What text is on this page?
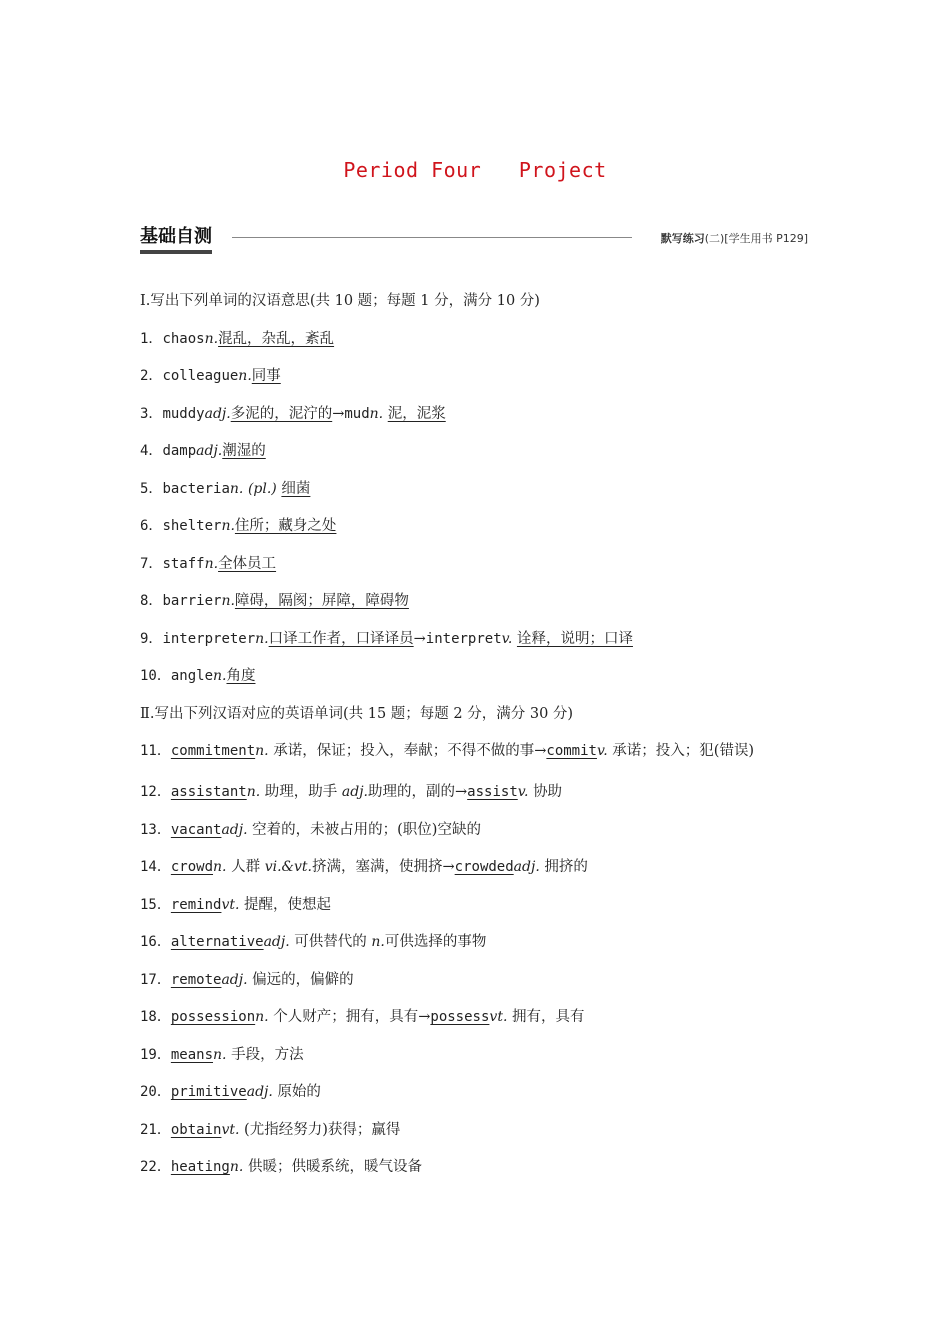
Period Four   Project
基础自测	默写练习(二)[学生用书 P129]
Ⅰ.写出下列单词的汉语意思(共 10 题；每题 1 分，满分 10 分)
1．chaosn.混乱，杂乱，紊乱
2．colleaguen.同事
3．muddyadj.多泥的，泥泞的→mudn. 泥，泥浆
4．dampadj.潮湿的
5．bacterian. (pl.) 细菌
6．sheltern.住所；藏身之处
7．staffn.全体员工
8．barriern.障碍，隔阂；屏障，障碍物
9．interpretern.口译工作者，口译译员→interpretv. 诠释，说明；口译
10．anglen.角度
Ⅱ.写出下列汉语对应的英语单词(共 15 题；每题 2 分，满分 30 分)
11．commitmentn. 承诺，保证；投入，奉献；不得不做的事→commitv. 承诺；投入；犯(错误)
12．assistantn. 助理，助手 adj.助理的，副的→assistv. 协助
13．vacantadj. 空着的，未被占用的；(职位)空缺的
14．crowdn. 人群 vi.&vt.挤满，塞满，使拥挤→crowdedadj. 拥挤的
15．remindvt. 提醒，使想起
16．alternativeadj. 可供替代的 n.可供选择的事物
17．remoteadj. 偏远的，偏僻的
18．possessionn. 个人财产；拥有，具有→possessvt. 拥有，具有
19．meansn. 手段，方法
20．primitiveadj. 原始的
21．obtainvt. (尤指经努力)获得；赢得
22．heatingn. 供暖；供暖系统，暖气设备
